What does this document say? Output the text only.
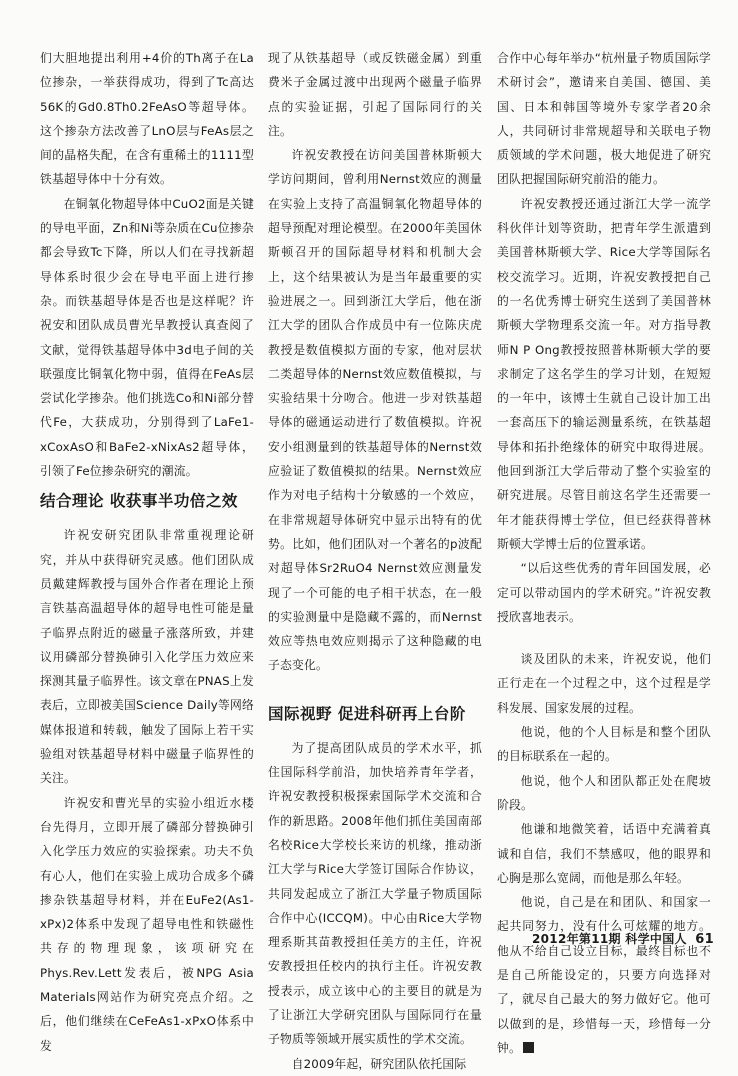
们大胆地提出利用+4价的Th离子在La位掺杂，一举获得成功，得到了Tc高达56K的Gd0.8Th0.2FeAsO等超导体。这个掺杂方法改善了LnO层与FeAs层之间的晶格失配，在含有重稀土的1111型铁基超导体中十分有效。

在铜氧化物超导体中CuO2面是关键的导电平面，Zn和Ni等杂质在Cu位掺杂都会导致Tc下降，所以人们在寻找新超导体系时很少会在导电平面上进行掺杂。而铁基超导体是否也是这样呢？许祝安和团队成员曹光旱教授认真查阅了文献，觉得铁基超导体中3d电子间的关联强度比铜氧化物中弱，值得在FeAs层尝试化学掺杂。他们挑选Co和Ni部分替代Fe，大获成功，分别得到了LaFe1-xCoxAsO和BaFe2-xNixAs2超导体，引领了Fe位掺杂研究的潮流。

结合理论 收获事半功倍之效

许祝安研究团队非常重视理论研究，并从中获得研究灵感。他们团队成员戴建辉教授与国外合作者在理论上预言铁基高温超导体的超导电性可能是量子临界点附近的磁量子涨落所致，并建议用磷部分替换砷引入化学压力效应来探测其量子临界性。该文章在PNAS上发表后，立即被美国Science Daily等网络媒体报道和转载，触发了国际上若干实验组对铁基超导材料中磁量子临界性的关注。

许祝安和曹光旱的实验小组近水楼台先得月，立即开展了磷部分替换砷引入化学压力效应的实验探索。功夫不负有心人，他们在实验上成功合成多个磷掺杂铁基超导材料，并在EuFe2(As1-xPx)2体系中发现了超导电性和铁磁性共存的物理现象，该项研究在Phys.Rev.Lett发表后，被NPG Asia Materials网站作为研究亮点介绍。之后，他们继续在CeFeAs1-xPxO体系中发

现了从铁基超导（或反铁磁金属）到重费米子金属过渡中出现两个磁量子临界点的实验证据，引起了国际同行的关注。

许祝安教授在访问美国普林斯顿大学访问期间，曾利用Nernst效应的测量在实验上支持了高温铜氧化物超导体的超导预配对理论模型。在2000年美国休斯顿召开的国际超导材料和机制大会上，这个结果被认为是当年最重要的实验进展之一。回到浙江大学后，他在浙江大学的团队合作成员中有一位陈庆虎教授是数值模拟方面的专家，他对层状二类超导体的Nernst效应数值模拟，与实验结果十分吻合。他进一步对铁基超导体的磁通运动进行了数值模拟。许祝安小组测量到的铁基超导体的Nernst效应验证了数值模拟的结果。Nernst效应作为对电子结构十分敏感的一个效应，在非常规超导体研究中显示出特有的优势。比如，他们团队对一个著名的p波配对超导体Sr2RuO4 Nernst效应测量发现了一个可能的电子相干状态，在一般的实验测量中是隐藏不露的，而Nernst效应等热电效应则揭示了这种隐藏的电子态变化。

国际视野 促进科研再上台阶

为了提高团队成员的学术水平，抓住国际科学前沿，加快培养青年学者，许祝安教授积极探索国际学术交流和合作的新思路。2008年他们抓住美国南部名校Rice大学校长来访的机缘，推动浙江大学与Rice大学签订国际合作协议，共同发起成立了浙江大学量子物质国际合作中心(ICCQM)。中心由Rice大学物理系斯其苗教授担任美方的主任，许祝安教授担任校内的执行主任。许祝安教授表示，成立该中心的主要目的就是为了让浙江大学研究团队与国际同行在量子物质等领域开展实质性的学术交流。

自2009年起，研究团队依托国际

合作中心每年举办“杭州量子物质国际学术研讨会”，邀请来自美国、德国、美国、日本和韩国等境外专家学者20余人，共同研讨非常规超导和关联电子物质领域的学术问题，极大地促进了研究团队把握国际研究前沿的能力。

许祝安教授还通过浙江大学一流学科伙伴计划等资助，把青年学生派遣到美国普林斯顿大学、Rice大学等国际名校交流学习。近期，许祝安教授把自己的一名优秀博士研究生送到了美国普林斯顿大学物理系交流一年。对方指导教师N P Ong教授按照普林斯顿大学的要求制定了这名学生的学习计划，在短短的一年中，该博士生就自己设计加工出一套高压下的输运测量系统，在铁基超导体和拓扑绝缘体的研究中取得进展。他回到浙江大学后带动了整个实验室的研究进展。尽管目前这名学生还需要一年才能获得博士学位，但已经获得普林斯顿大学博士后的位置承诺。

“以后这些优秀的青年回国发展，必定可以带动国内的学术研究。”许祝安教授欣喜地表示。

谈及团队的未来，许祝安说，他们正行走在一个过程之中，这个过程是学科发展、国家发展的过程。

他说，他的个人目标是和整个团队的目标联系在一起的。

他说，他个人和团队都正处在爬坡阶段。

他谦和地微笑着，话语中充满着真诚和自信，我们不禁感叹，他的眼界和心胸是那么宽阔，而他是那么年轻。

他说，自己是在和团队、和国家一起共同努力，没有什么可炫耀的地方。他从不给自己设立目标，最终目标也不是自己所能设定的，只要方向选择对了，就尽自己最大的努力做好它。他可以做到的是，珍惜每一天，珍惜每一分钟。

2012年第11期 科学中国人 61
